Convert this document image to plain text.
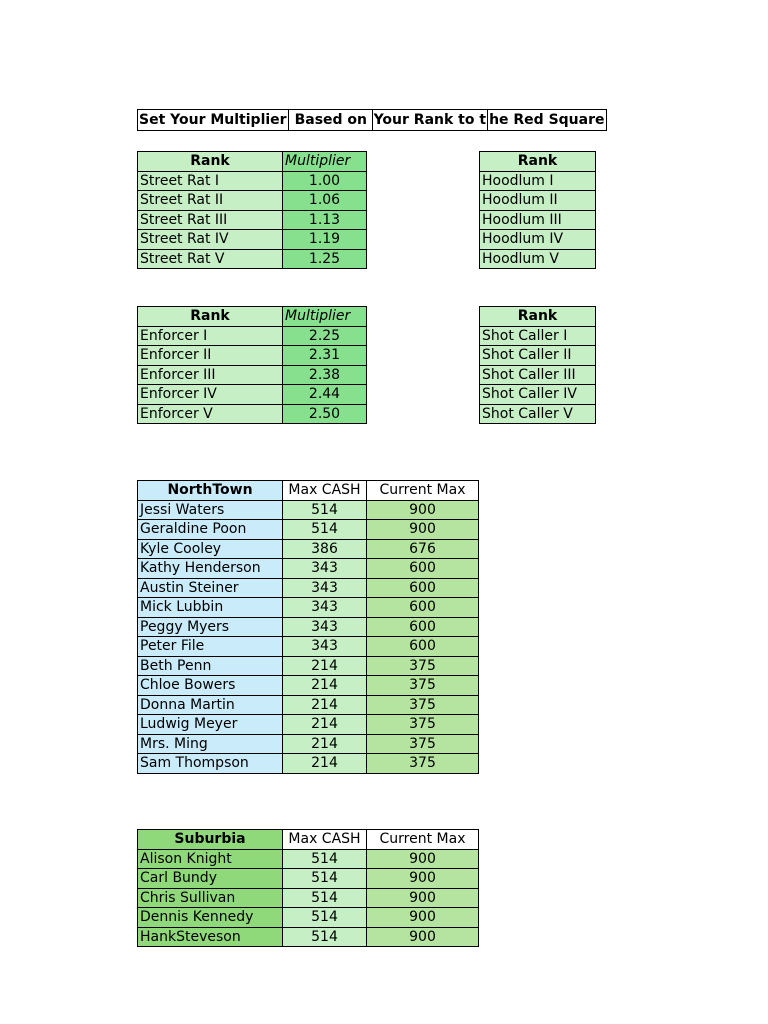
Set Your Multiplier	Based on	Your Rank to t	he Red Square
Rank	Multiplier
Street Rat I	1.00
Street Rat II	1.06
Street Rat III	1.13
Street Rat IV	1.19
Street Rat V	1.25
Rank
Hoodlum I
Hoodlum II
Hoodlum III
Hoodlum IV
Hoodlum V
Rank	Multiplier
Enforcer I	2.25
Enforcer II	2.31
Enforcer III	2.38
Enforcer IV	2.44
Enforcer V	2.50
Rank
Shot Caller I
Shot Caller II
Shot Caller III
Shot Caller IV
Shot Caller V
NorthTown	Max CASH	Current Max
Jessi Waters	514	900
Geraldine Poon	514	900
Kyle Cooley	386	676
Kathy Henderson	343	600
Austin Steiner	343	600
Mick Lubbin	343	600
Peggy Myers	343	600
Peter File	343	600
Beth Penn	214	375
Chloe Bowers	214	375
Donna Martin	214	375
Ludwig Meyer	214	375
Mrs. Ming	214	375
Sam Thompson	214	375
Suburbia	Max CASH	Current Max
Alison Knight	514	900
Carl Bundy	514	900
Chris Sullivan	514	900
Dennis Kennedy	514	900
HankSteveson	514	900
